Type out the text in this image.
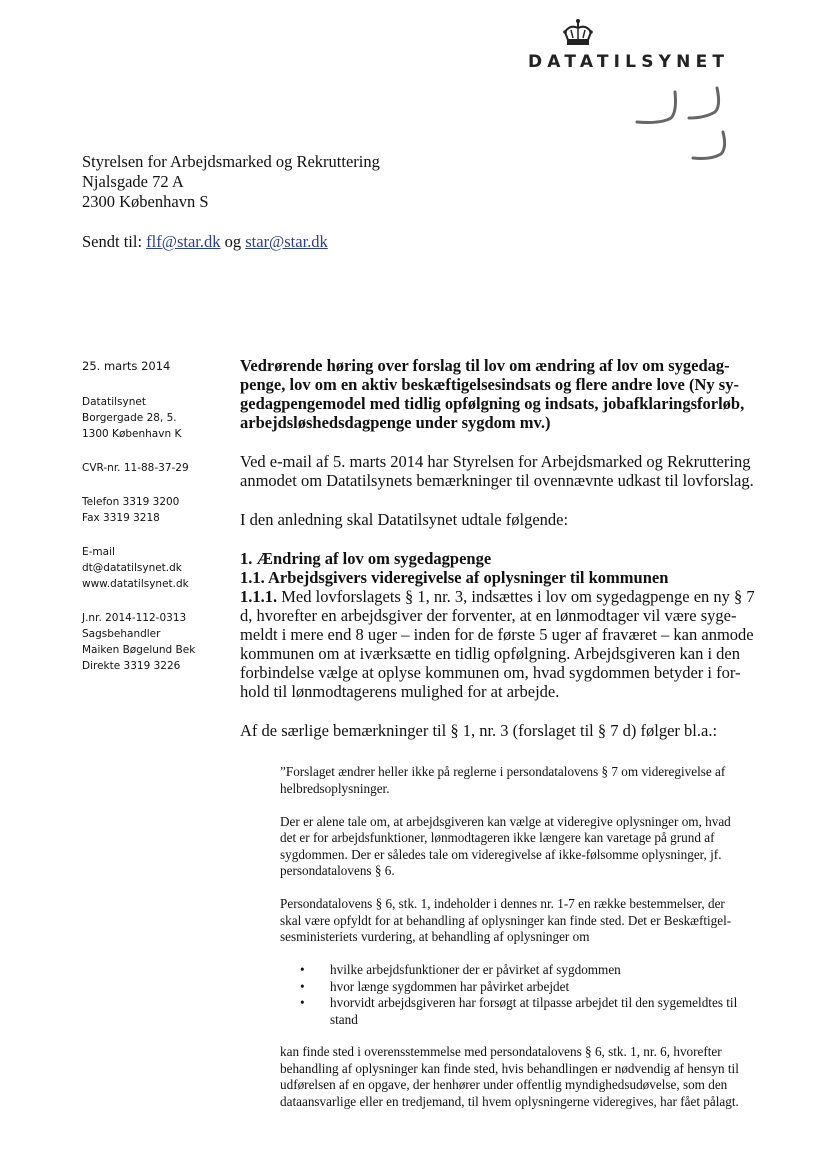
DATATILSYNET
Styrelsen for Arbejdsmarked og Rekruttering
Njalsgade 72 A
2300 København S
Sendt til: flf@star.dk og star@star.dk
25. marts 2014
Datatilsynet
Borgergade 28, 5.
1300 København K
CVR-nr. 11-88-37-29
Telefon 3319 3200
Fax 3319 3218
E-mail
dt@datatilsynet.dk
www.datatilsynet.dk
J.nr. 2014-112-0313
Sagsbehandler
Maiken Bøgelund Bek
Direkte 3319 3226
Vedrørende høring over forslag til lov om ændring af lov om sygedag-
penge, lov om en aktiv beskæftigelsesindsats og flere andre love (Ny sy-
gedagpengemodel med tidlig opfølgning og indsats, jobafklaringsforløb,
arbejdsløshedsdagpenge under sygdom mv.)
Ved e-mail af 5. marts 2014 har Styrelsen for Arbejdsmarked og Rekruttering
anmodet om Datatilsynets bemærkninger til ovennævnte udkast til lovforslag.
I den anledning skal Datatilsynet udtale følgende:
1. Ændring af lov om sygedagpenge
1.1. Arbejdsgivers videregivelse af oplysninger til kommunen
1.1.1. Med lovforslagets § 1, nr. 3, indsættes i lov om sygedagpenge en ny § 7
d, hvorefter en arbejdsgiver der forventer, at en lønmodtager vil være syge-
meldt i mere end 8 uger – inden for de første 5 uger af fraværet – kan anmode
kommunen om at iværksætte en tidlig opfølgning. Arbejdsgiveren kan i den
forbindelse vælge at oplyse kommunen om, hvad sygdommen betyder i for-
hold til lønmodtagerens mulighed for at arbejde.
Af de særlige bemærkninger til § 1, nr. 3 (forslaget til § 7 d) følger bl.a.:
”Forslaget ændrer heller ikke på reglerne i persondatalovens § 7 om videregivelse af
helbredsoplysninger.
Der er alene tale om, at arbejdsgiveren kan vælge at videregive oplysninger om, hvad
det er for arbejdsfunktioner, lønmodtageren ikke længere kan varetage på grund af
sygdommen. Der er således tale om videregivelse af ikke-følsomme oplysninger, jf.
persondatalovens § 6.
Persondatalovens § 6, stk. 1, indeholder i dennes nr. 1-7 en række bestemmelser, der
skal være opfyldt for at behandling af oplysninger kan finde sted. Det er Beskæftigel-
sesministeriets vurdering, at behandling af oplysninger om
• hvilke arbejdsfunktioner der er påvirket af sygdommen
• hvor længe sygdommen har påvirket arbejdet
• hvorvidt arbejdsgiveren har forsøgt at tilpasse arbejdet til den sygemeldtes til
stand
kan finde sted i overensstemmelse med persondatalovens § 6, stk. 1, nr. 6, hvorefter
behandling af oplysninger kan finde sted, hvis behandlingen er nødvendig af hensyn til
udførelsen af en opgave, der henhører under offentlig myndighedsudøvelse, som den
dataansvarlige eller en tredjemand, til hvem oplysningerne videregives, har fået pålagt.
